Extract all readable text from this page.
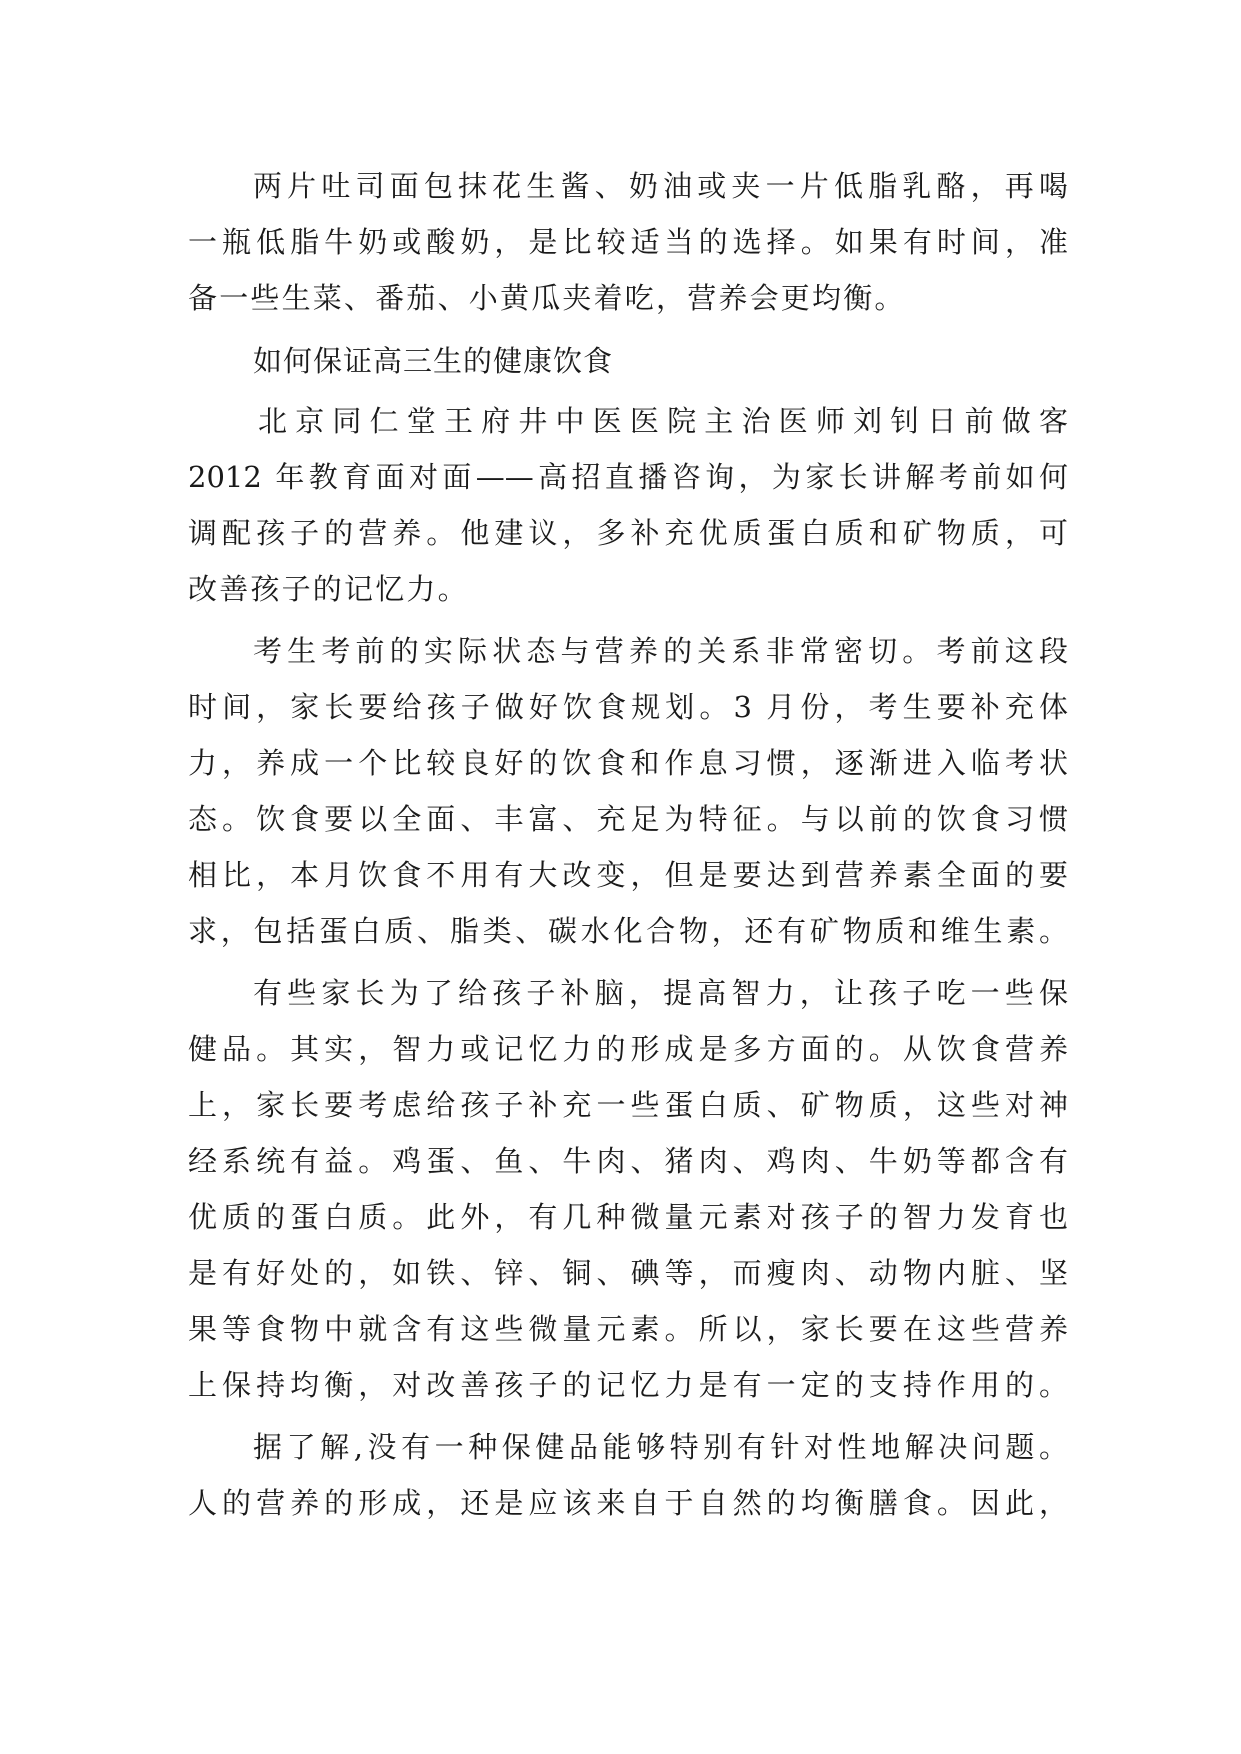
两片吐司面包抹花生酱、奶油或夹一片低脂乳酪，再喝
一瓶低脂牛奶或酸奶，是比较适当的选择。如果有时间，准
备一些生菜、番茄、小黄瓜夹着吃，营养会更均衡。
如何保证高三生的健康饮食
北京同仁堂王府井中医医院主治医师刘钊日前做客
2012 年教育面对面——高招直播咨询，为家长讲解考前如何
调配孩子的营养。他建议，多补充优质蛋白质和矿物质，可
改善孩子的记忆力。
考生考前的实际状态与营养的关系非常密切。考前这段
时间，家长要给孩子做好饮食规划。3 月份，考生要补充体
力，养成一个比较良好的饮食和作息习惯，逐渐进入临考状
态。饮食要以全面、丰富、充足为特征。与以前的饮食习惯
相比，本月饮食不用有大改变，但是要达到营养素全面的要
求，包括蛋白质、脂类、碳水化合物，还有矿物质和维生素。
有些家长为了给孩子补脑，提高智力，让孩子吃一些保
健品。其实，智力或记忆力的形成是多方面的。从饮食营养
上，家长要考虑给孩子补充一些蛋白质、矿物质，这些对神
经系统有益。鸡蛋、鱼、牛肉、猪肉、鸡肉、牛奶等都含有
优质的蛋白质。此外，有几种微量元素对孩子的智力发育也
是有好处的，如铁、锌、铜、碘等，而瘦肉、动物内脏、坚
果等食物中就含有这些微量元素。所以，家长要在这些营养
上保持均衡，对改善孩子的记忆力是有一定的支持作用的。
据了解,没有一种保健品能够特别有针对性地解决问题。
人的营养的形成，还是应该来自于自然的均衡膳食。因此，
